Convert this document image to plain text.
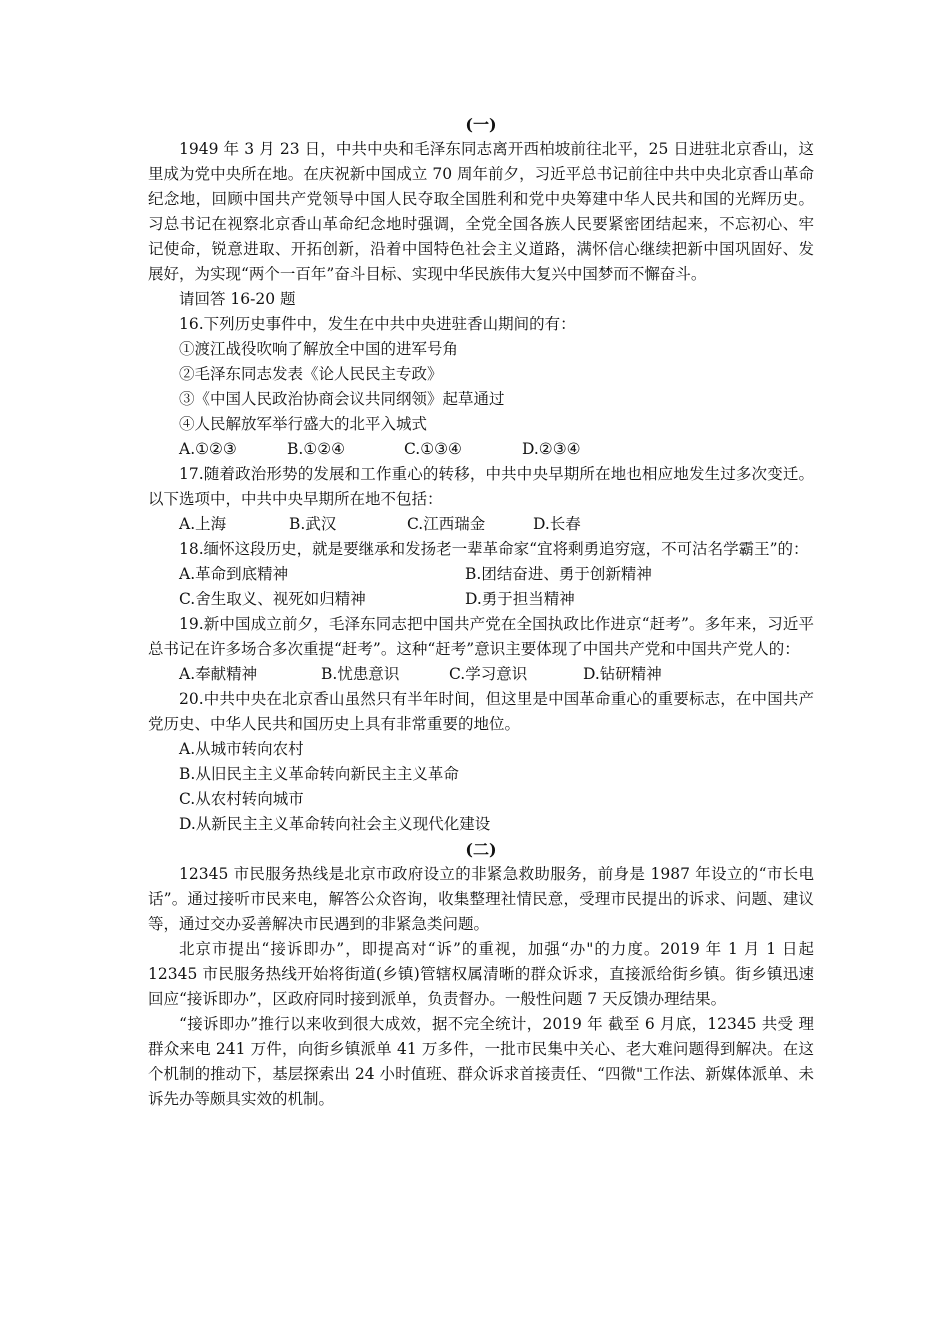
(一)

1949 年 3 月 23 日，中共中央和毛泽东同志离开西柏坡前往北平，25 日进驻北京香山，这里成为党中央所在地。在庆祝新中国成立 70 周年前夕，习近平总书记前往中共中央北京香山革命纪念地，回顾中国共产党领导中国人民夺取全国胜利和党中央筹建中华人民共和国的光辉历史。习总书记在视察北京香山革命纪念地时强调，全党全国各族人民要紧密团结起来，不忘初心、牢记使命，锐意进取、开拓创新，沿着中国特色社会主义道路，满怀信心继续把新中国巩固好、发展好，为实现“两个一百年”奋斗目标、实现中华民族伟大复兴中国梦而不懈奋斗。

请回答 16-20 题

16.下列历史事件中，发生在中共中央进驻香山期间的有：

①渡江战役吹响了解放全中国的进军号角
②毛泽东同志发表《论人民民主专政》
③《中国人民政治协商会议共同纲领》起草通过
④人民解放军举行盛大的北平入城式
A.①②③	B.①②④	C.①③④	D.②③④

17.随着政治形势的发展和工作重心的转移，中共中央早期所在地也相应地发生过多次变迁。以下选项中，中共中央早期所在地不包括：

A.上海	B.武汉	C.江西瑞金	D.长春

18.缅怀这段历史，就是要继承和发扬老一辈革命家“宜将剩勇追穷寇，不可沽名学霸王”的：

A.革命到底精神	B.团结奋进、勇于创新精神
C.舍生取义、视死如归精神	D.勇于担当精神

19.新中国成立前夕，毛泽东同志把中国共产党在全国执政比作进京“赶考”。多年来，习近平总书记在许多场合多次重提“赶考”。这种“赶考”意识主要体现了中国共产党和中国共产党人的：

A.奉献精神	B.忧患意识	C.学习意识	D.钻研精神

20.中共中央在北京香山虽然只有半年时间，但这里是中国革命重心的重要标志，在中国共产党历史、中华人民共和国历史上具有非常重要的地位。

A.从城市转向农村
B.从旧民主主义革命转向新民主主义革命
C.从农村转向城市
D.从新民主主义革命转向社会主义现代化建设
(二)

12345 市民服务热线是北京市政府设立的非紧急救助服务，前身是 1987 年设立的“市长电话”。通过接听市民来电，解答公众咨询，收集整理社情民意，受理市民提出的诉求、问题、建议等，通过交办妥善解决市民遇到的非紧急类问题。

北京市提出“接诉即办”，即提高对“诉”的重视，加强“办"的力度。2019 年 1 月 1 日起 12345 市民服务热线开始将街道(乡镇)管辖权属清晰的群众诉求，直接派给街乡镇。街乡镇迅速回应“接诉即办”，区政府同时接到派单，负责督办。一般性问题 7 天反馈办理结果。

“接诉即办”推行以来收到很大成效，据不完全统计，2019 年 截至 6 月底，12345 共受 理群众来电 241 万件，向街乡镇派单 41 万多件，一批市民集中关心、老大难问题得到解决。在这个机制的推动下，基层探索出 24 小时值班、群众诉求首接责任、“四微"工作法、新媒体派单、未诉先办等颇具实效的机制。
